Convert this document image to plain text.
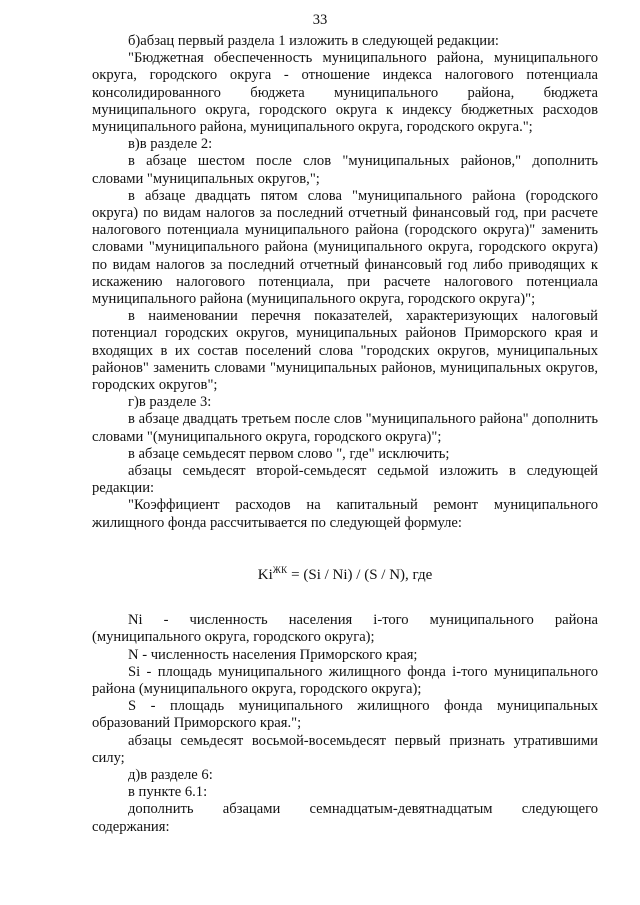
33

б)абзац первый раздела 1 изложить в следующей редакции:

"Бюджетная обеспеченность муниципального района, муниципального округа, городского округа - отношение индекса налогового потенциала консолидированного бюджета муниципального района, бюджета муниципального округа, городского округа к индексу бюджетных расходов муниципального района, муниципального округа, городского округа.";

в)в разделе 2:

в абзаце шестом после слов "муниципальных районов," дополнить словами "муниципальных округов,";

в абзаце двадцать пятом слова "муниципального района (городского округа) по видам налогов за последний отчетный финансовый год, при расчете налогового потенциала муниципального района (городского округа)" заменить словами "муниципального района (муниципального округа, городского округа) по видам налогов за последний отчетный финансовый год либо приводящих к искажению налогового потенциала, при расчете налогового потенциала муниципального района (муниципального округа, городского округа)";

в наименовании перечня показателей, характеризующих налоговый потенциал городских округов, муниципальных районов Приморского края и входящих в их состав поселений слова "городских округов, муниципальных районов" заменить словами "муниципальных районов, муниципальных округов, городских округов";

г)в разделе 3:

в абзаце двадцать третьем после слов "муниципального района" дополнить словами "(муниципального округа, городского округа)";

в абзаце семьдесят первом слово ", где" исключить;

абзацы семьдесят второй-семьдесят седьмой изложить в следующей редакции:

"Коэффициент расходов на капитальный ремонт муниципального жилищного фонда рассчитывается по следующей формуле:

$Ki^{ЖК} = (Si / Ni) / (S / N)$, где

Ni - численность населения i-того муниципального района (муниципального округа, городского округа);

N - численность населения Приморского края;

Si - площадь муниципального жилищного фонда i-того муниципального района (муниципального округа, городского округа);

S - площадь муниципального жилищного фонда муниципальных образований Приморского края.";

абзацы семьдесят восьмой-восемьдесят первый признать утратившими силу;

д)в разделе 6:

в пункте 6.1:

дополнить абзацами семнадцатым-девятнадцатым следующего содержания:
